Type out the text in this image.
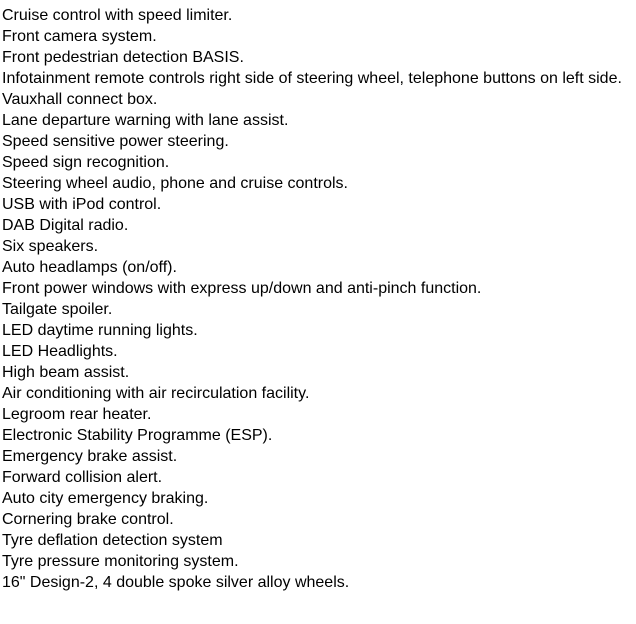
Cruise control with speed limiter.
Front camera system.
Front pedestrian detection BASIS.
Infotainment remote controls right side of steering wheel, telephone buttons on left side.
Vauxhall connect box.
Lane departure warning with lane assist.
Speed sensitive power steering.
Speed sign recognition.
Steering wheel audio, phone and cruise controls.
USB with iPod control.
DAB Digital radio.
Six speakers.
Auto headlamps (on/off).
Front power windows with express up/down and anti-pinch function.
Tailgate spoiler.
LED daytime running lights.
LED Headlights.
High beam assist.
Air conditioning with air recirculation facility.
Legroom rear heater.
Electronic Stability Programme (ESP).
Emergency brake assist.
Forward collision alert.
Auto city emergency braking.
Cornering brake control.
Tyre deflation detection system
Tyre pressure monitoring system.
16" Design-2, 4 double spoke silver alloy wheels.
